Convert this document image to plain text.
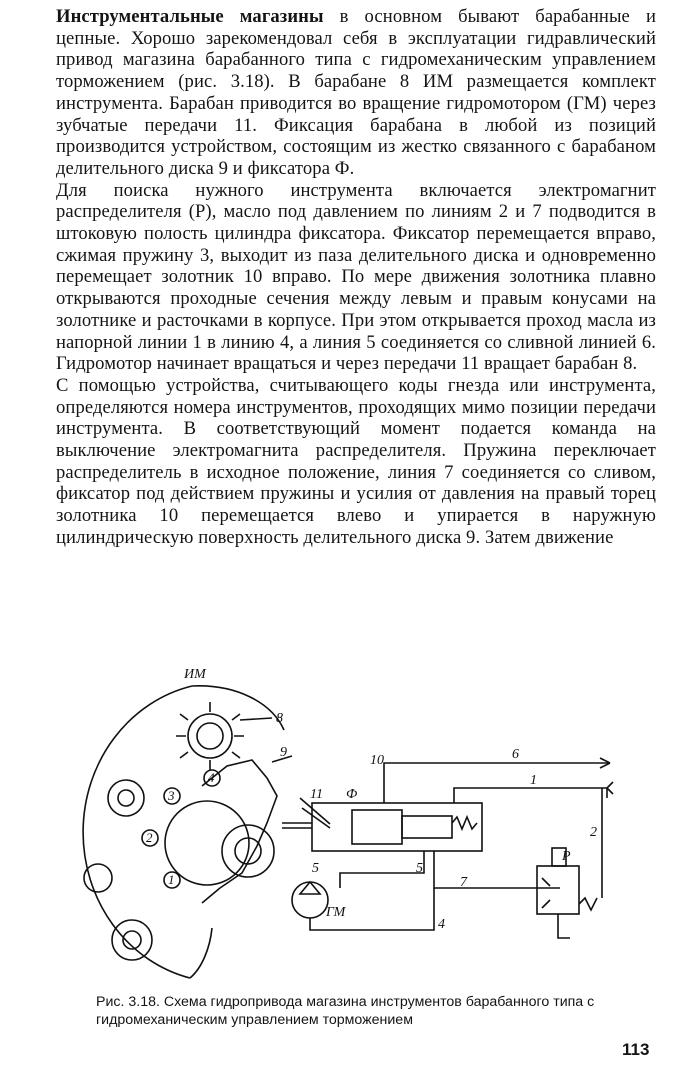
Инструментальные магазины в основном бывают барабанные и цепные. Хорошо зарекомендовал себя в эксплуатации гидравлический привод магазина барабанного типа с гидромеханическим управлением торможением (рис. 3.18). В барабане 8 ИМ размещается комплект инструмента. Барабан приводится во вращение гидромотором (ГМ) через зубчатые передачи 11. Фиксация барабана в любой из позиций производится устройством, состоящим из жестко связанного с барабаном делительного диска 9 и фиксатора Ф.

Для поиска нужного инструмента включается электромагнит распределителя (Р), масло под давлением по линиям 2 и 7 подводится в штоковую полость цилиндра фиксатора. Фиксатор перемещается вправо, сжимая пружину 3, выходит из паза делительного диска и одновременно перемещает золотник 10 вправо. По мере движения золотника плавно открываются проходные сечения между левым и правым конусами на золотнике и расточками в корпусе. При этом открывается проход масла из напорной линии 1 в линию 4, а линия 5 соединяется со сливной линией 6. Гидромотор начинает вращаться и через передачи 11 вращает барабан 8.

С помощью устройства, считывающего коды гнезда или инструмента, определяются номера инструментов, проходящих мимо позиции передачи инструмента. В соответствующий момент подается команда на выключение электромагнита распределителя. Пружина переключает распределитель в исходное положение, линия 7 соединяется со сливом, фиксатор под действием пружины и усилия от давления на правый торец золотника 10 перемещается влево и упирается в наружную цилиндрическую поверхность делительного диска 9. Затем движение

ИМ
8
9
10	6
1
Ф
11
2
Р
5
5
7
ГМ
4
4
3
2
1
Рис. 3.18. Схема гидропривода магазина инструментов барабанного типа с гидромеханическим управлением торможением
113
